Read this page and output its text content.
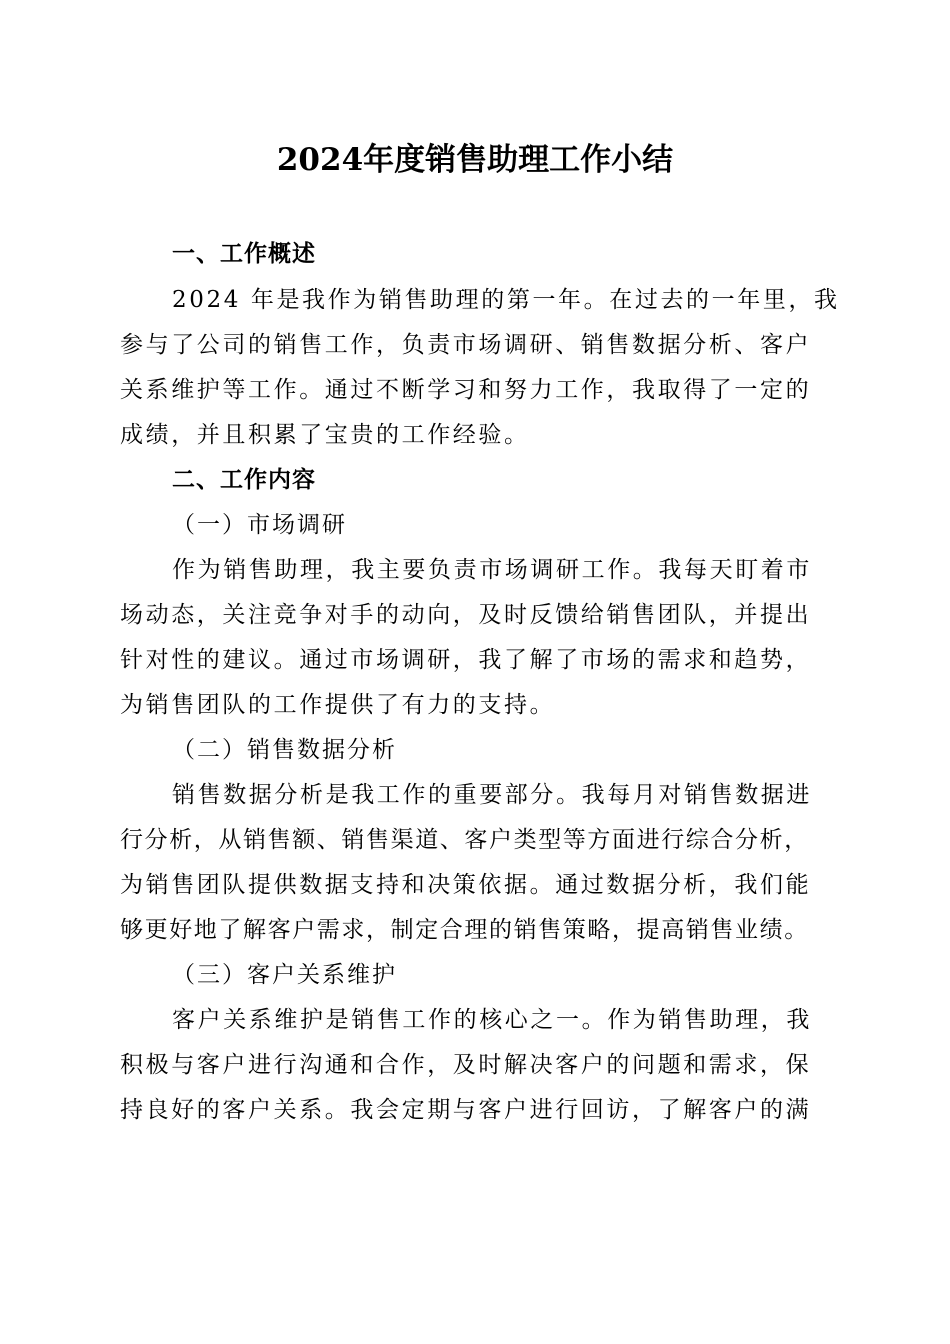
2024年度销售助理工作小结
一、工作概述
2024 年是我作为销售助理的第一年。在过去的一年里，我
参与了公司的销售工作，负责市场调研、销售数据分析、客户
关系维护等工作。通过不断学习和努力工作，我取得了一定的
成绩，并且积累了宝贵的工作经验。
二、工作内容
（一）市场调研
作为销售助理，我主要负责市场调研工作。我每天盯着市
场动态，关注竞争对手的动向，及时反馈给销售团队，并提出
针对性的建议。通过市场调研，我了解了市场的需求和趋势，
为销售团队的工作提供了有力的支持。
（二）销售数据分析
销售数据分析是我工作的重要部分。我每月对销售数据进
行分析，从销售额、销售渠道、客户类型等方面进行综合分析，
为销售团队提供数据支持和决策依据。通过数据分析，我们能
够更好地了解客户需求，制定合理的销售策略，提高销售业绩。
（三）客户关系维护
客户关系维护是销售工作的核心之一。作为销售助理，我
积极与客户进行沟通和合作，及时解决客户的问题和需求，保
持良好的客户关系。我会定期与客户进行回访，了解客户的满
